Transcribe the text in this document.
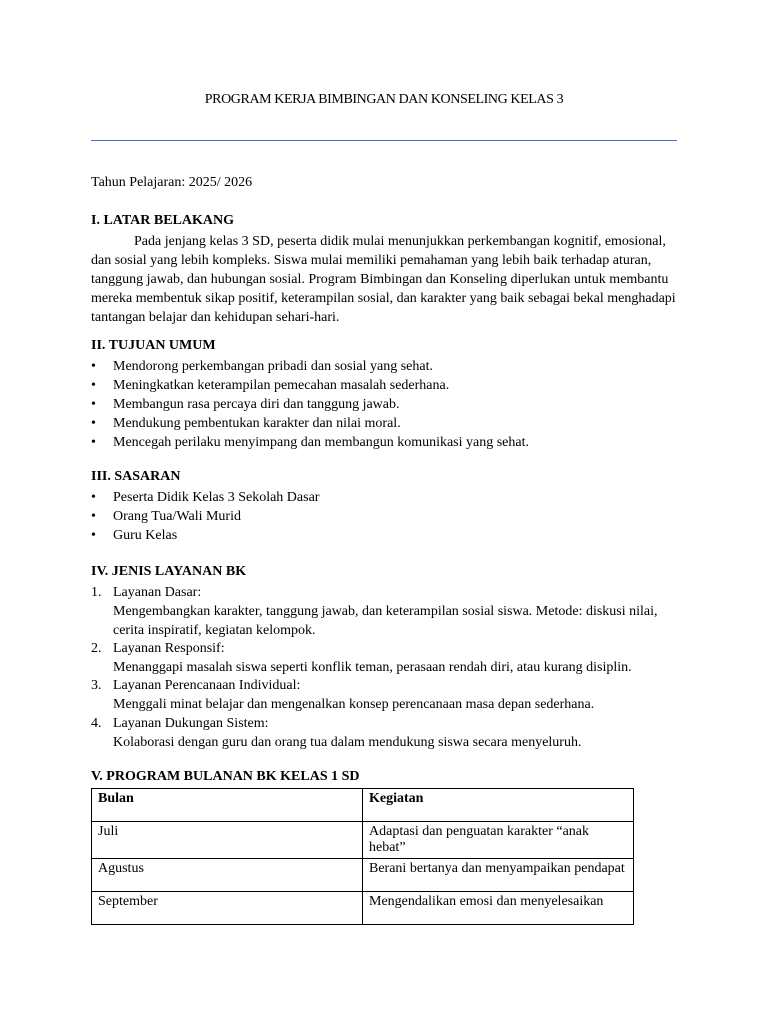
PROGRAM KERJA BIMBINGAN DAN KONSELING KELAS 3
Tahun Pelajaran: 2025/ 2026
I. LATAR BELAKANG
Pada jenjang kelas 3 SD, peserta didik mulai menunjukkan perkembangan kognitif, emosional, dan sosial yang lebih kompleks. Siswa mulai memiliki pemahaman yang lebih baik terhadap aturan, tanggung jawab, dan hubungan sosial. Program Bimbingan dan Konseling diperlukan untuk membantu mereka membentuk sikap positif, keterampilan sosial, dan karakter yang baik sebagai bekal menghadapi tantangan belajar dan kehidupan sehari-hari.
II. TUJUAN UMUM
• Mendorong perkembangan pribadi dan sosial yang sehat.
• Meningkatkan keterampilan pemecahan masalah sederhana.
• Membangun rasa percaya diri dan tanggung jawab.
• Mendukung pembentukan karakter dan nilai moral.
• Mencegah perilaku menyimpang dan membangun komunikasi yang sehat.
III. SASARAN
• Peserta Didik Kelas 3 Sekolah Dasar
• Orang Tua/Wali Murid
• Guru Kelas
IV. JENIS LAYANAN BK
1. Layanan Dasar:
Mengembangkan karakter, tanggung jawab, dan keterampilan sosial siswa. Metode: diskusi nilai, cerita inspiratif, kegiatan kelompok.
2. Layanan Responsif:
Menanggapi masalah siswa seperti konflik teman, perasaan rendah diri, atau kurang disiplin.
3. Layanan Perencanaan Individual:
Menggali minat belajar dan mengenalkan konsep perencanaan masa depan sederhana.
4. Layanan Dukungan Sistem:
Kolaborasi dengan guru dan orang tua dalam mendukung siswa secara menyeluruh.
V. PROGRAM BULANAN BK KELAS 1 SD
Bulan	Kegiatan
Juli	Adaptasi dan penguatan karakter “anak hebat”
Agustus	Berani bertanya dan menyampaikan pendapat
September	Mengendalikan emosi dan menyelesaikan
